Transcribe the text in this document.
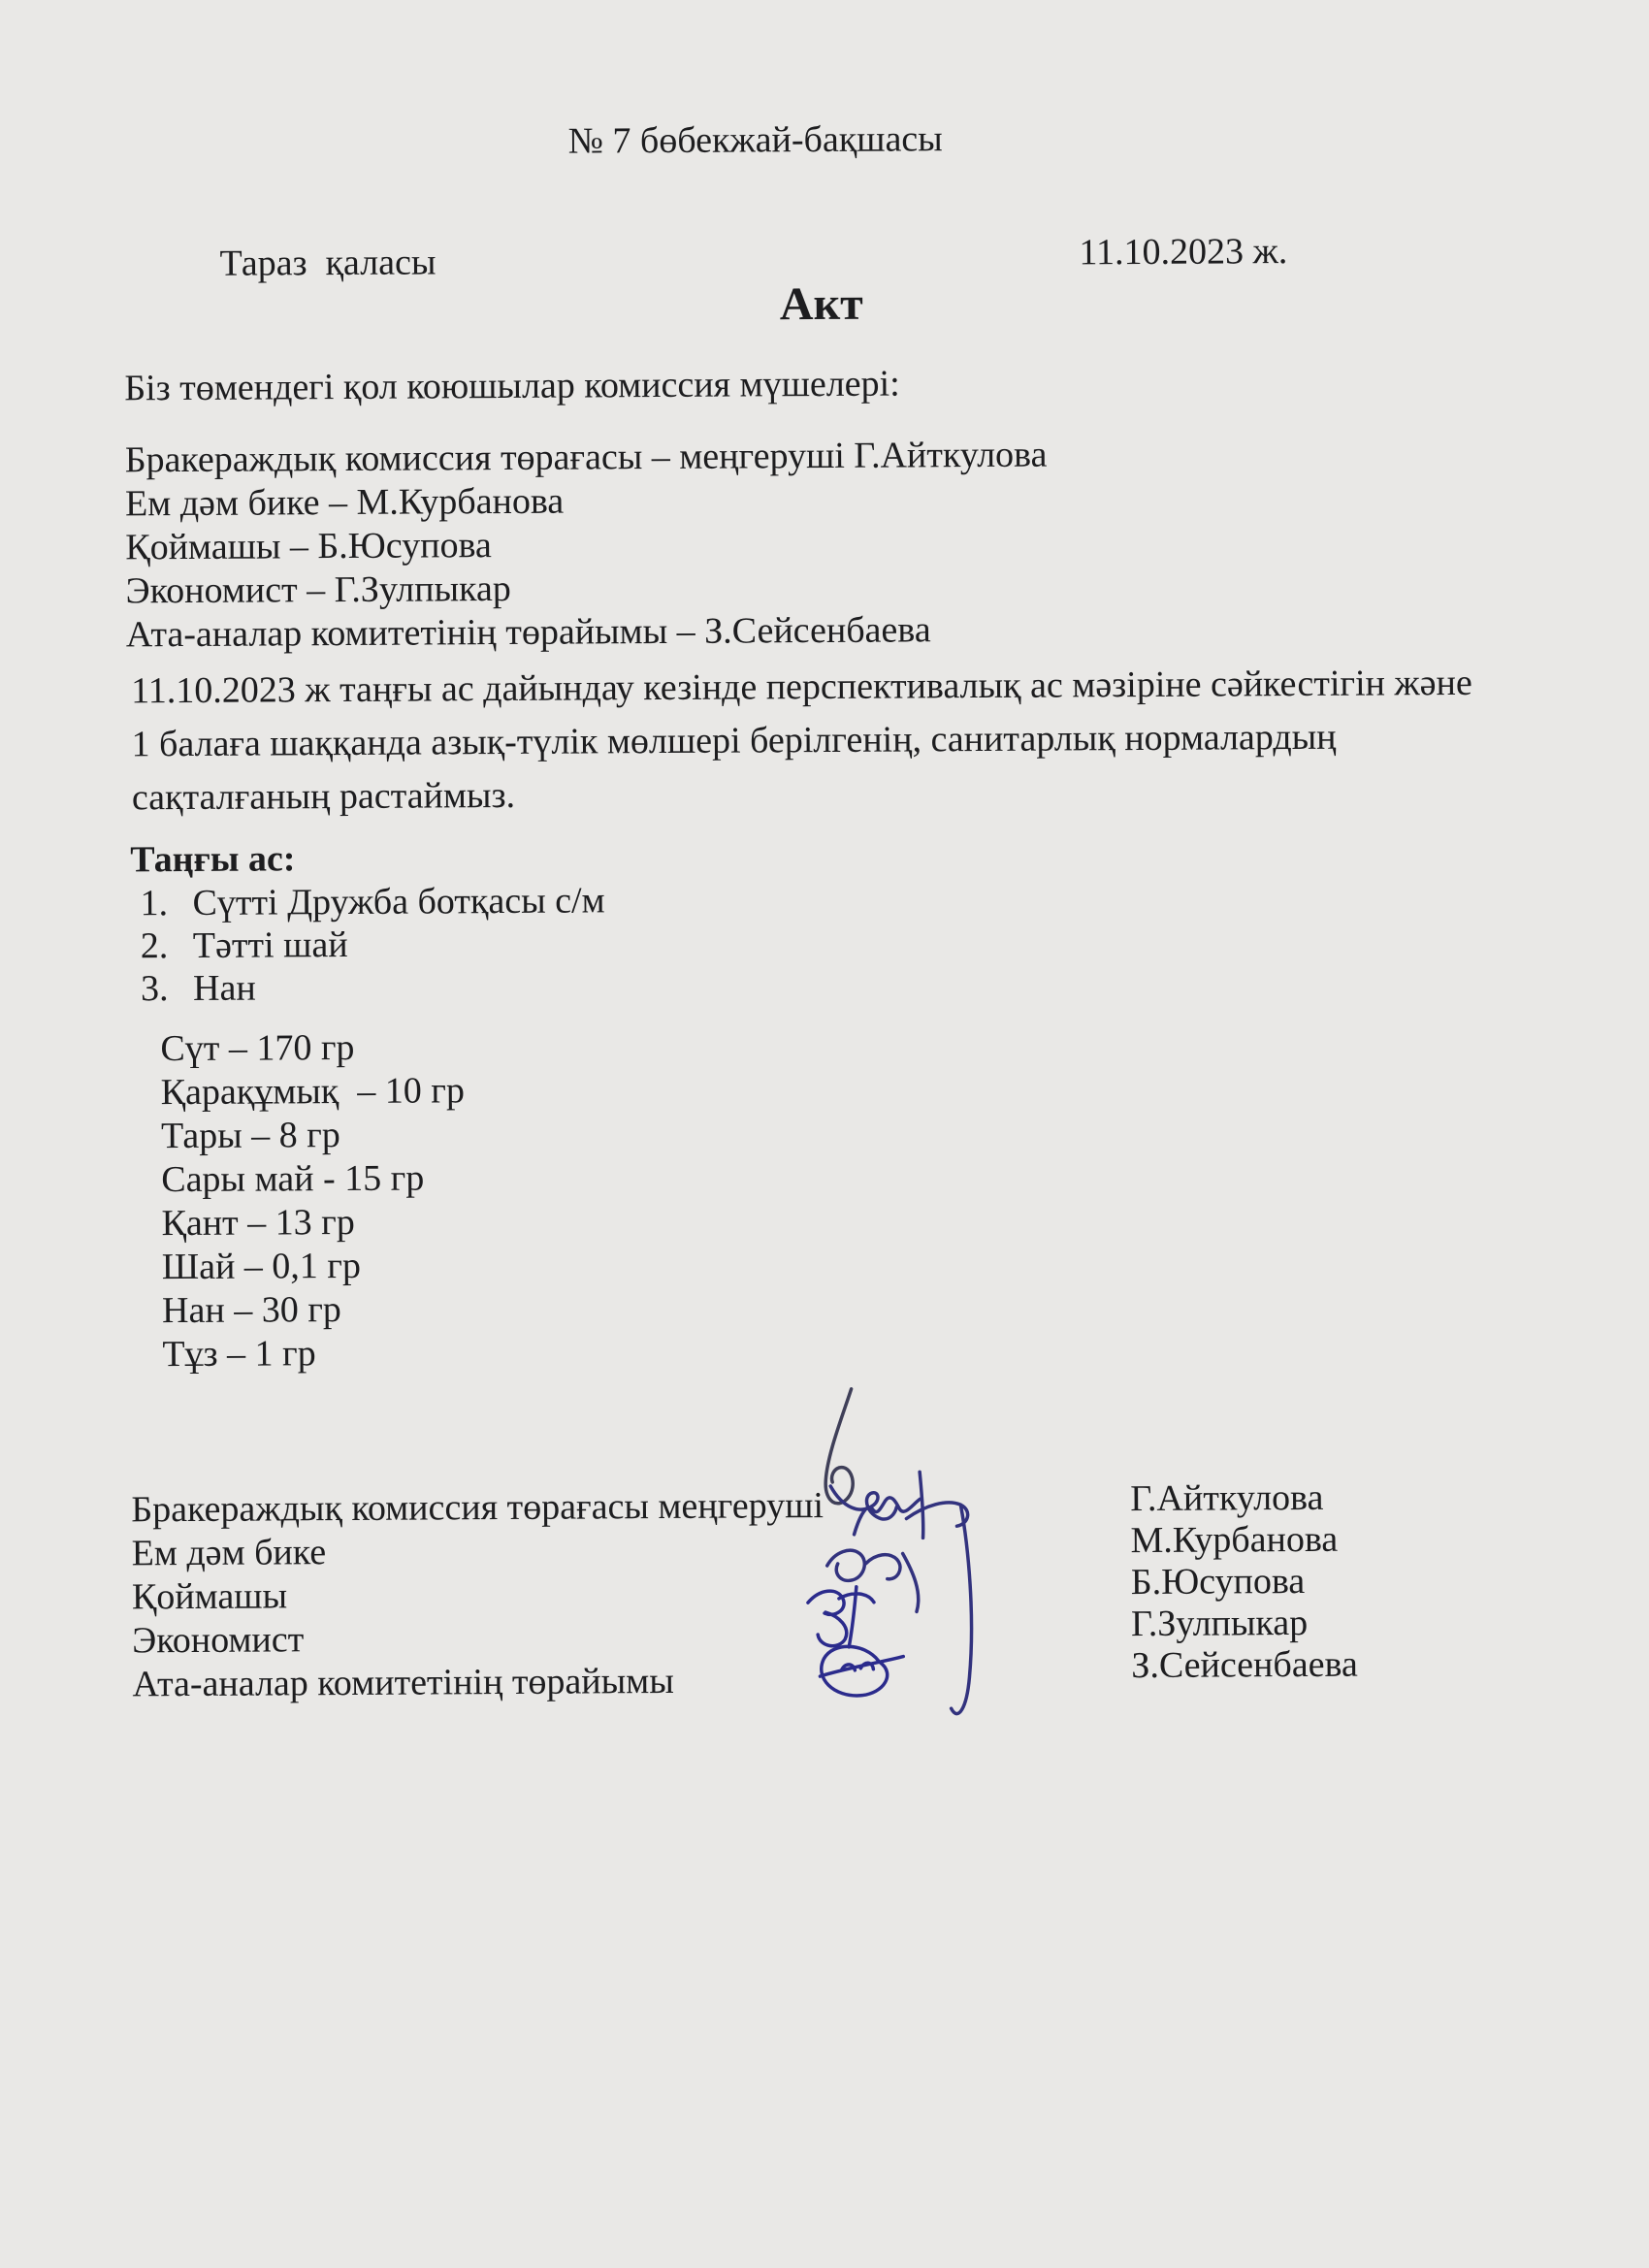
№ 7 бөбекжай-бақшасы
Тараз  қаласы	11.10.2023 ж.
Акт
Біз төмендегі қол коюшылар комиссия мүшелері:
Бракераждық комиссия төрағасы – меңгеруші Г.Айткулова
Ем дәм бике – М.Курбанова
Қоймашы – Б.Юсупова
Экономист – Г.Зулпыкар
Ата-аналар комитетінің төрайымы – З.Сейсенбаева
11.10.2023 ж таңғы ас дайындау кезінде перспективалық ас мәзіріне сәйкестігін және
1 балаға шаққанда азық-түлік мөлшері берілгенің, санитарлық нормалардың
сақталғаның растаймыз.
Таңғы ас:
1. Сүтті Дружба ботқасы с/м
2. Тәтті шай
3. Нан
Сүт – 170 гр
Қарақұмық  – 10 гр
Тары – 8 гр
Сары май - 15 гр
Қант – 13 гр
Шай – 0,1 гр
Нан – 30 гр
Тұз – 1 гр
Бракераждық комиссия төрағасы меңгеруші
Ем дәм бике
Қоймашы
Экономист
Ата-аналар комитетінің төрайымы
Г.Айткулова
М.Курбанова
Б.Юсупова
Г.Зулпыкар
З.Сейсенбаева
